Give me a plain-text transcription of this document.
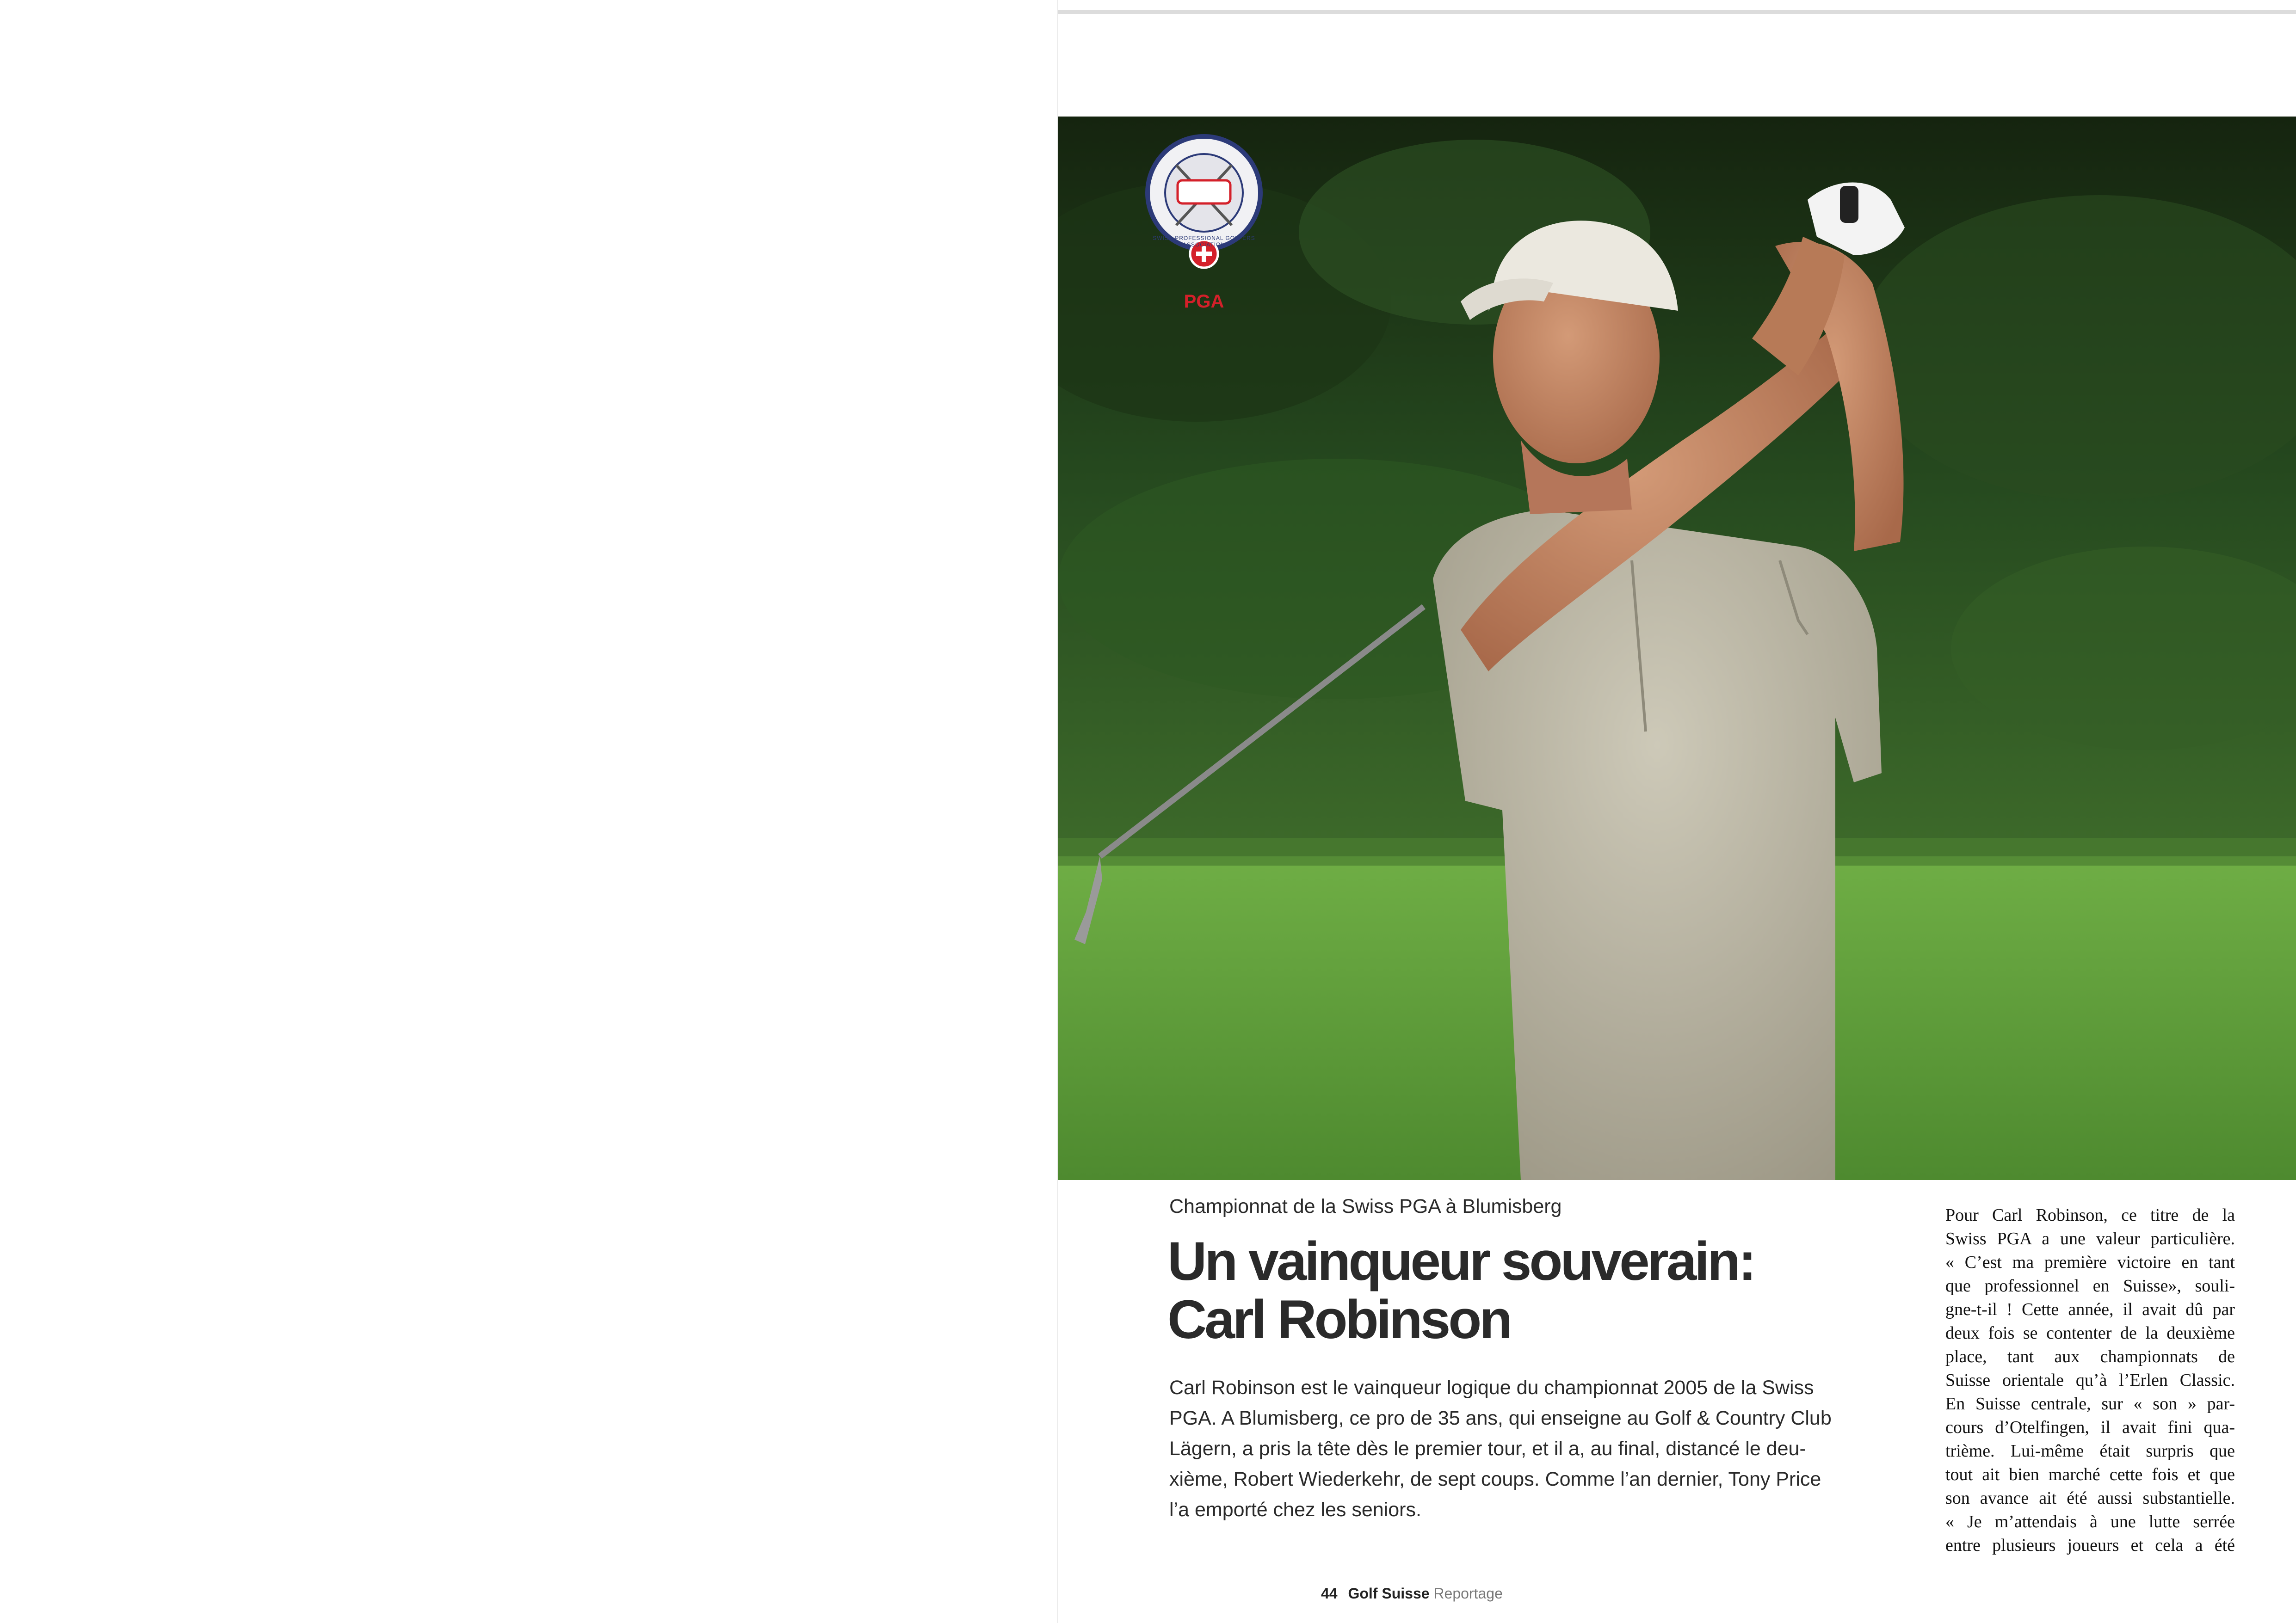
PGA
SWISS PROFESSIONAL GOLFERS ASSOCIATION
Championnat de la Swiss PGA à Blumisberg
Un vainqueur souverain:
Carl Robinson
Carl Robinson est le vainqueur logique du championnat 2005 de la Swiss
PGA. A Blumisberg, ce pro de 35 ans, qui enseigne au Golf & Country Club
Lägern, a pris la tête dès le premier tour, et il a, au final, distancé le deu-
xième, Robert Wiederkehr, de sept coups. Comme l’an dernier, Tony Price
l’a emporté chez les seniors.
Pour Carl Robinson, ce titre de la
Swiss PGA a une valeur particulière.
« C’est ma première victoire en tant
que professionnel en Suisse», souli-
gne-t-il ! Cette année, il avait dû par
deux fois se contenter de la deuxième
place, tant aux championnats de
Suisse orientale qu’à l’Erlen Classic.
En Suisse centrale, sur « son » par-
cours d’Otelfingen, il avait fini qua-
trième. Lui-même était surpris que
tout ait bien marché cette fois et que
son avance ait été aussi substantielle.
« Je m’attendais à une lutte serrée
entre plusieurs joueurs et cela a été
44 Golf Suisse Reportage
